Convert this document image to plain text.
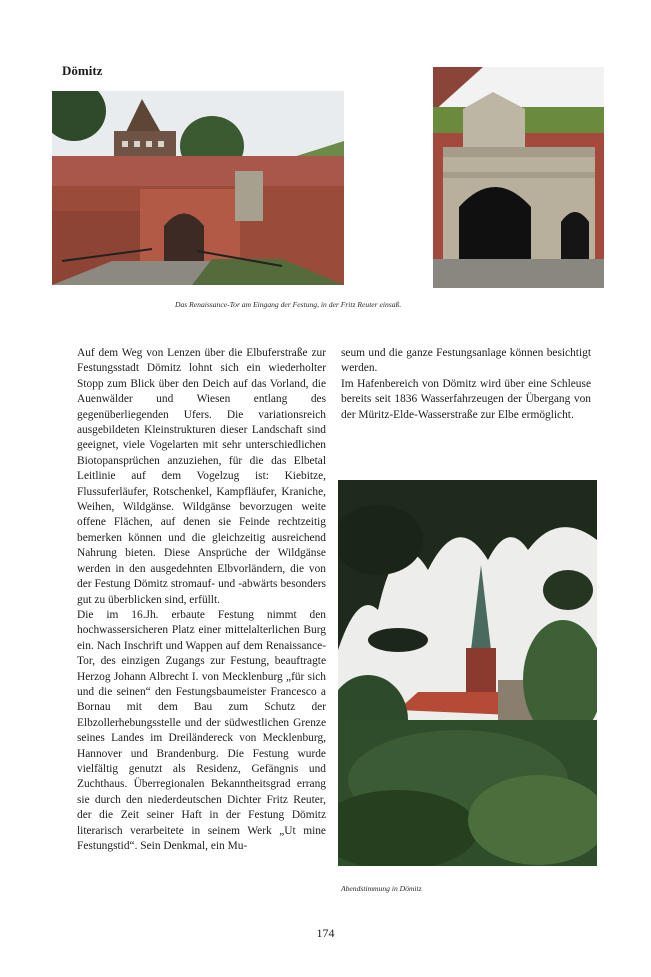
Dömitz
Das Renaissance-Tor am Eingang der Festung, in der Fritz Reuter einsaß.

Auf dem Weg von Lenzen über die Elbuferstraße zur Festungsstadt Dömitz lohnt sich ein wiederholter Stopp zum Blick über den Deich auf das Vorland, die Auenwälder und Wiesen entlang des gegenüberliegenden Ufers. Die variationsreich ausgebildeten Kleinstrukturen dieser Landschaft sind geeignet, viele Vogelarten mit sehr unterschiedlichen Biotopansprüchen anzuziehen, für die das Elbetal Leitlinie auf dem Vogelzug ist: Kiebitze, Flussuferläufer, Rotschenkel, Kampfläufer, Kraniche, Weihen, Wildgänse. Wildgänse bevorzugen weite offene Flächen, auf denen sie Feinde rechtzeitig bemerken können und die gleichzeitig ausreichend Nahrung bieten. Diese Ansprüche der Wildgänse werden in den ausgedehnten Elbvorländern, die von der Festung Dömitz stromauf- und -abwärts besonders gut zu überblicken sind, erfüllt.

Die im 16.Jh. erbaute Festung nimmt den hochwassersicheren Platz einer mittelalterlichen Burg ein. Nach Inschrift und Wappen auf dem Renaissance-Tor, des einzigen Zugangs zur Festung, beauftragte Herzog Johann Albrecht I. von Mecklenburg „für sich und die seinen“ den Festungsbaumeister Francesco a Bornau mit dem Bau zum Schutz der Elbzollerhebungsstelle und der südwestlichen Grenze seines Landes im Dreiländereck von Mecklenburg, Hannover und Brandenburg. Die Festung wurde vielfältig genutzt als Residenz, Gefängnis und Zuchthaus. Überregionalen Bekanntheitsgrad errang sie durch den niederdeutschen Dichter Fritz Reuter, der die Zeit seiner Haft in der Festung Dömitz literarisch verarbeitete in seinem Werk „Ut mine Festungstid“. Sein Denkmal, ein Mu-

seum und die ganze Festungsanlage können besichtigt werden.

Im Hafenbereich von Dömitz wird über eine Schleuse bereits seit 1836 Wasserfahrzeugen der Übergang von der Müritz-Elde-Wasserstraße zur Elbe ermöglicht.

Abendstimmung in Dömitz
174
